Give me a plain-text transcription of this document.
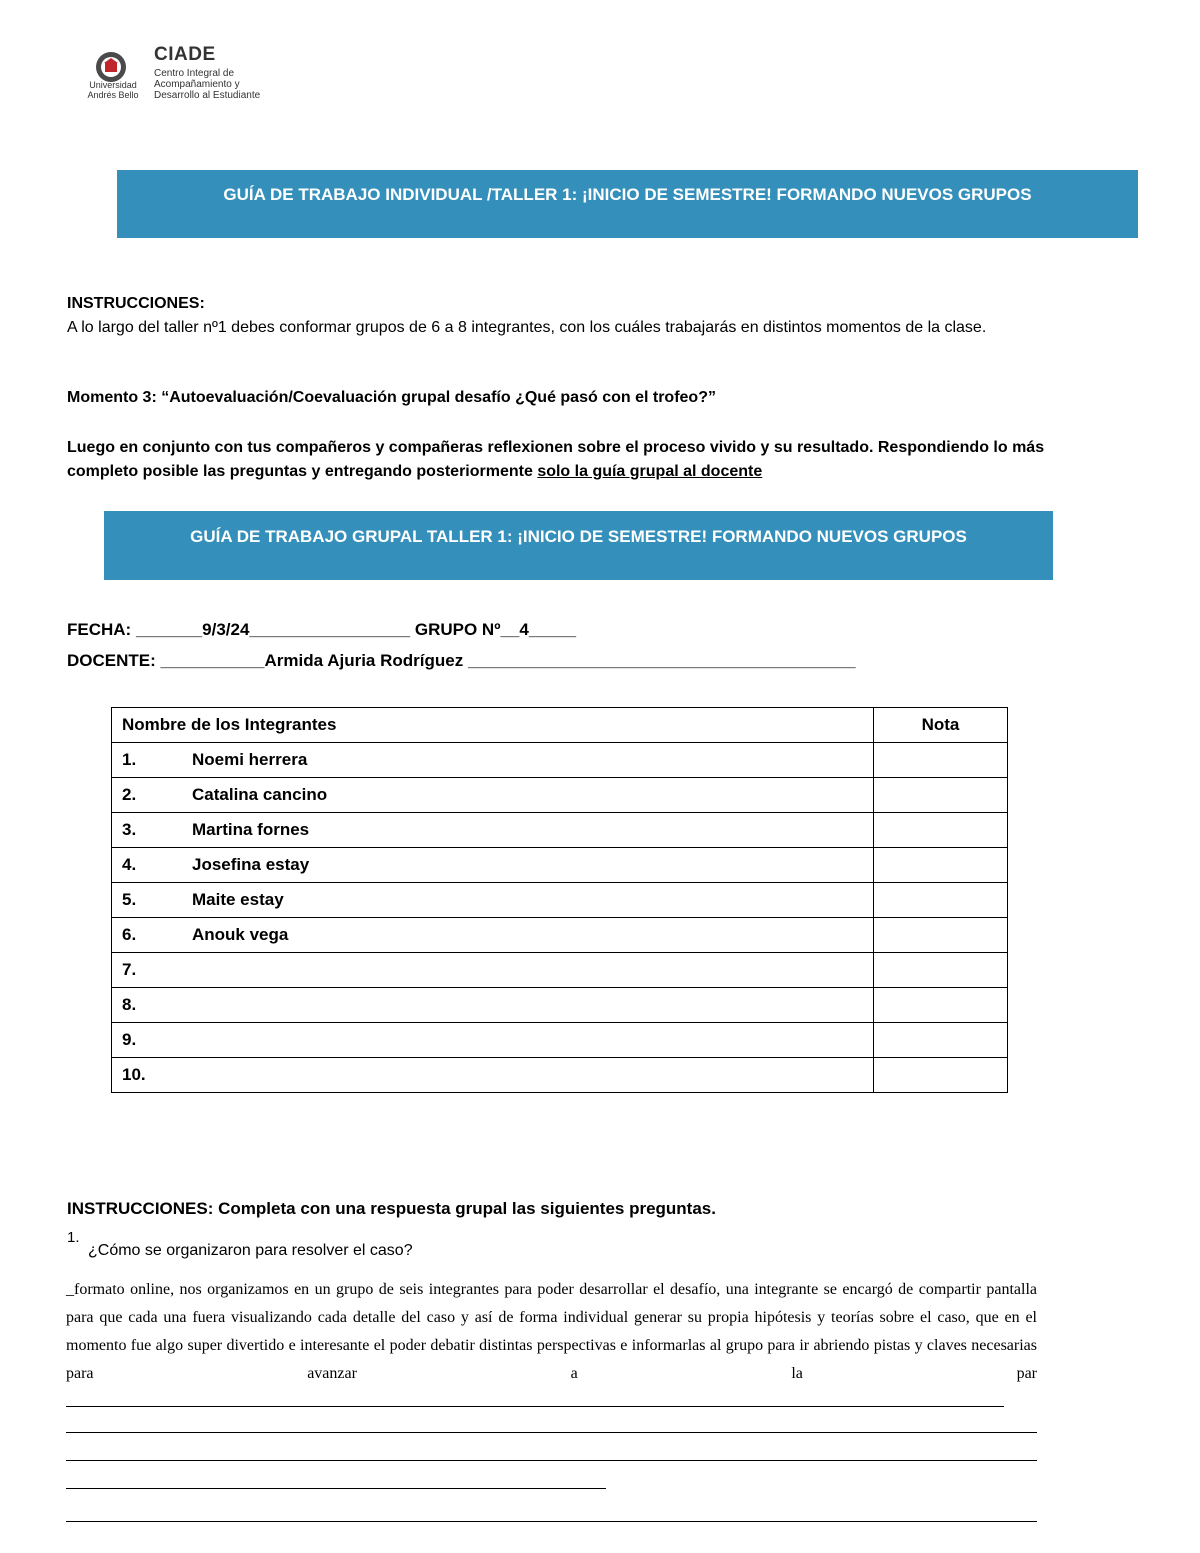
Universidad Andrés Bello
CIADE
Centro Integral de
Acompañamiento y
Desarrollo al Estudiante
GUÍA DE TRABAJO INDIVIDUAL /TALLER 1: ¡INICIO DE SEMESTRE! FORMANDO NUEVOS GRUPOS
INSTRUCCIONES:
A lo largo del taller nº1 debes conformar grupos de 6 a 8 integrantes, con los cuáles trabajarás en distintos momentos de la clase.
Momento 3: “Autoevaluación/Coevaluación grupal desafío ¿Qué pasó con el trofeo?”
Luego en conjunto con tus compañeros y compañeras reflexionen sobre el proceso vivido y su resultado. Respondiendo lo más completo posible las preguntas y entregando posteriormente solo la guía grupal al docente
GUÍA DE TRABAJO GRUPAL TALLER 1: ¡INICIO DE SEMESTRE! FORMANDO NUEVOS GRUPOS
FECHA: _______9/3/24_________________ GRUPO Nº__4_____
DOCENTE: ___________Armida Ajuria Rodríguez _________________________________________
Nombre de los Integrantes	Nota
1. Noemi herrera	
2. Catalina cancino	
3. Martina fornes	
4. Josefina estay	
5. Maite estay	
6. Anouk vega	
7.	
8.	
9.	
10.	
INSTRUCCIONES: Completa con una respuesta grupal las siguientes preguntas.
1.
¿Cómo se organizaron para resolver el caso?
_formato online, nos organizamos en un grupo de seis integrantes para poder desarrollar el desafío, una integrante se encargó de compartir pantalla para que cada una fuera visualizando cada detalle del caso y así de forma individual generar su propia hipótesis y teorías sobre el caso, que en el momento fue algo super divertido e interesante el poder debatir distintas perspectivas e informarlas al grupo para ir abriendo pistas y claves necesarias para avanzar a la par
